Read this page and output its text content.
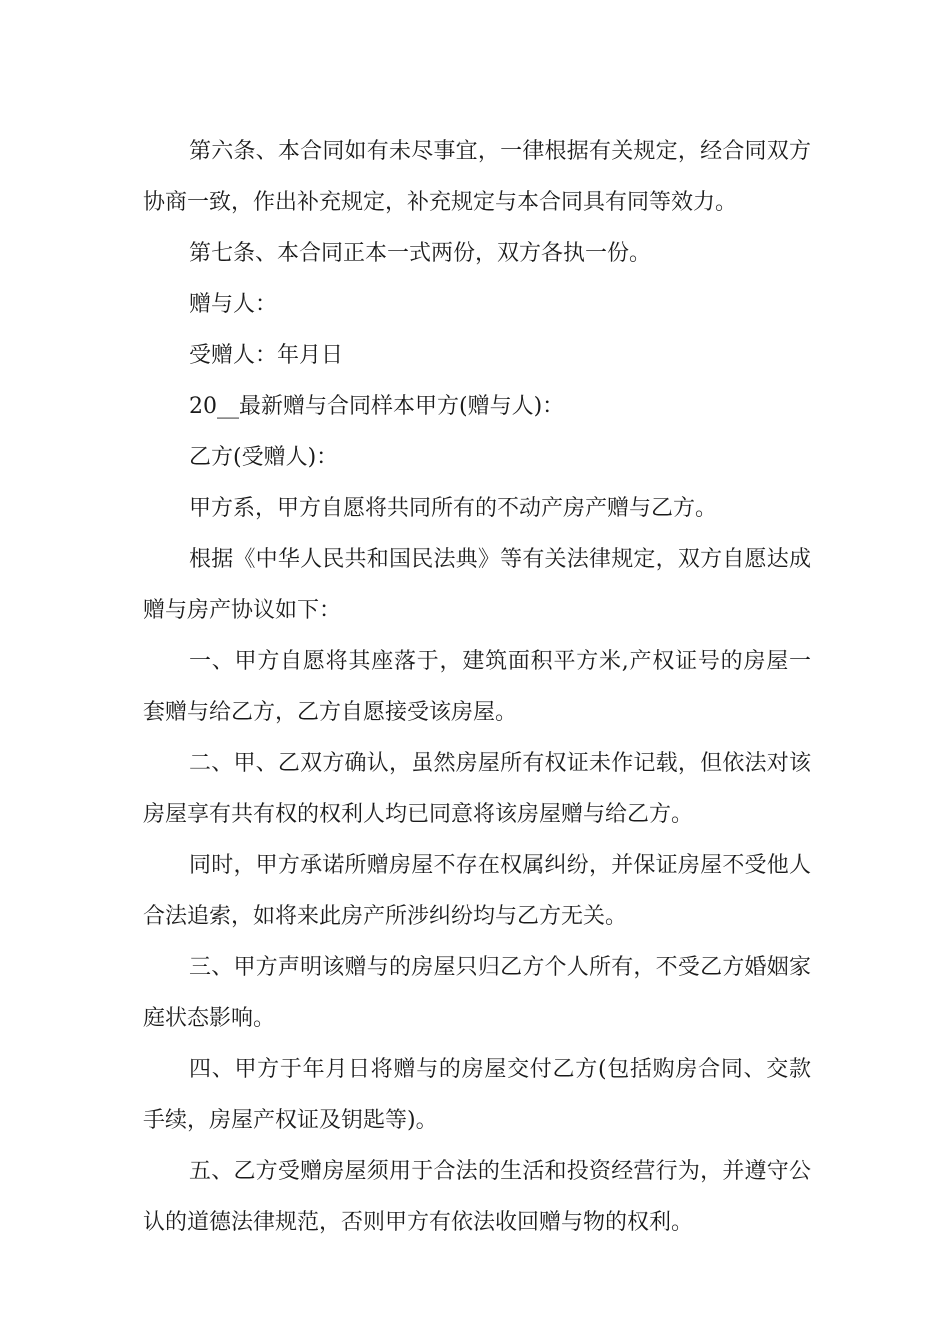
第六条、本合同如有未尽事宜，一律根据有关规定，经合同双方协商一致，作出补充规定，补充规定与本合同具有同等效力。

第七条、本合同正本一式两份，双方各执一份。

赠与人：

受赠人：年月日

20__最新赠与合同样本甲方(赠与人)：

乙方(受赠人)：

甲方系，甲方自愿将共同所有的不动产房产赠与乙方。

根据《中华人民共和国民法典》等有关法律规定，双方自愿达成赠与房产协议如下：

一、甲方自愿将其座落于，建筑面积平方米,产权证号的房屋一套赠与给乙方，乙方自愿接受该房屋。

二、甲、乙双方确认，虽然房屋所有权证未作记载，但依法对该房屋享有共有权的权利人均已同意将该房屋赠与给乙方。

同时，甲方承诺所赠房屋不存在权属纠纷，并保证房屋不受他人合法追索，如将来此房产所涉纠纷均与乙方无关。

三、甲方声明该赠与的房屋只归乙方个人所有，不受乙方婚姻家庭状态影响。

四、甲方于年月日将赠与的房屋交付乙方(包括购房合同、交款手续，房屋产权证及钥匙等)。

五、乙方受赠房屋须用于合法的生活和投资经营行为，并遵守公认的道德法律规范，否则甲方有依法收回赠与物的权利。
